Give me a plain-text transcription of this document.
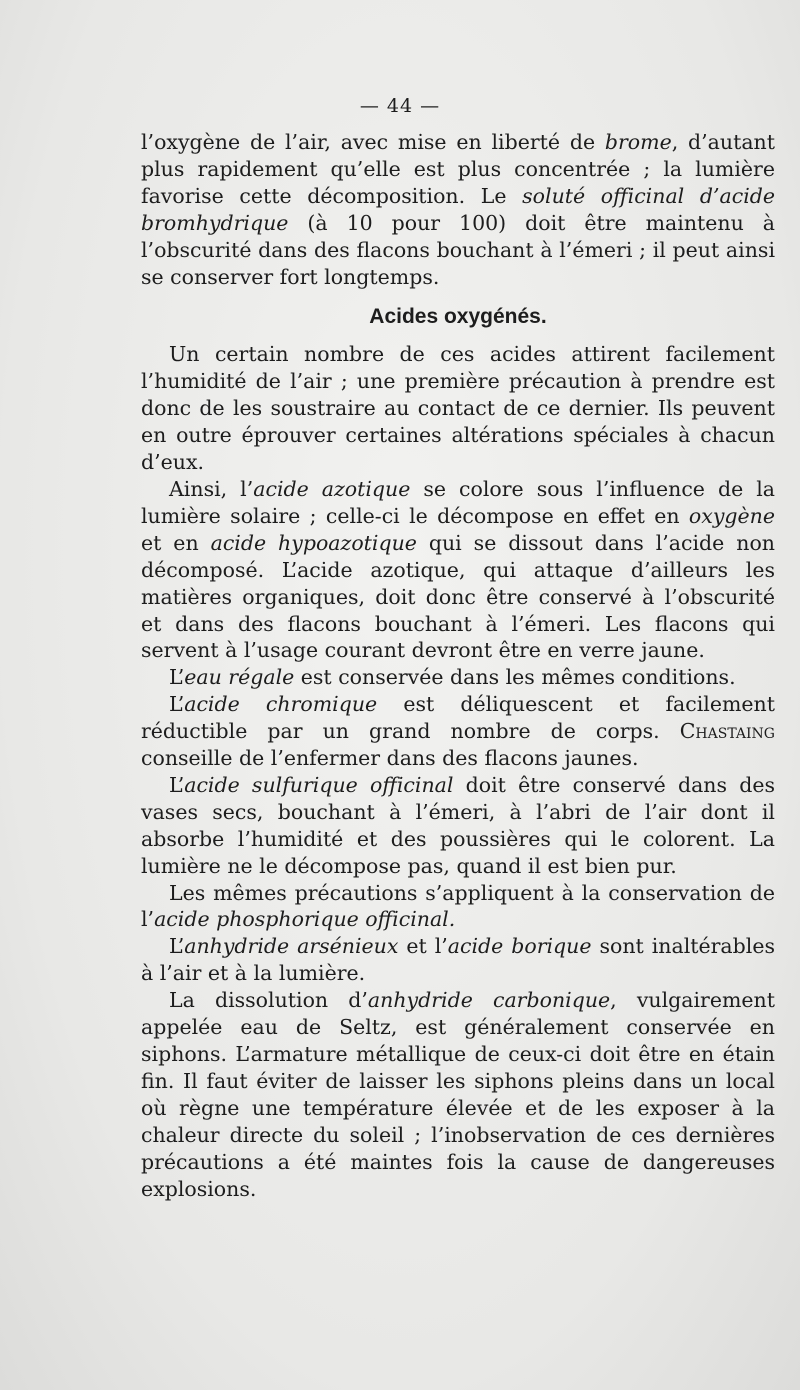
— 44 —

l’oxygène de l’air, avec mise en liberté de brome, d’autant plus rapidement qu’elle est plus concentrée ; la lumière favorise cette décomposition. Le soluté officinal d’acide bromhydrique (à 10 pour 100) doit être maintenu à l’obscurité dans des flacons bouchant à l’émeri ; il peut ainsi se conserver fort longtemps.

Acides oxygénés.

Un certain nombre de ces acides attirent facilement l’humidité de l’air ; une première précaution à prendre est donc de les soustraire au contact de ce dernier. Ils peuvent en outre éprouver certaines altérations spéciales à chacun d’eux.

Ainsi, l’acide azotique se colore sous l’influence de la lumière solaire ; celle-ci le décompose en effet en oxygène et en acide hypoazotique qui se dissout dans l’acide non décomposé. L’acide azotique, qui attaque d’ailleurs les matières organiques, doit donc être conservé à l’obscurité et dans des flacons bouchant à l’émeri. Les flacons qui servent à l’usage courant devront être en verre jaune.

L’eau régale est conservée dans les mêmes conditions.

L’acide chromique est déliquescent et facilement réductible par un grand nombre de corps. Chastaing conseille de l’enfermer dans des flacons jaunes.

L’acide sulfurique officinal doit être conservé dans des vases secs, bouchant à l’émeri, à l’abri de l’air dont il absorbe l’humidité et des poussières qui le colorent. La lumière ne le décompose pas, quand il est bien pur.

Les mêmes précautions s’appliquent à la conservation de l’acide phosphorique officinal.

L’anhydride arsénieux et l’acide borique sont inaltérables à l’air et à la lumière.

La dissolution d’anhydride carbonique, vulgairement appelée eau de Seltz, est généralement conservée en siphons. L’armature métallique de ceux-ci doit être en étain fin. Il faut éviter de laisser les siphons pleins dans un local où règne une température élevée et de les exposer à la chaleur directe du soleil ; l’inobservation de ces dernières précautions a été maintes fois la cause de dangereuses explosions.
